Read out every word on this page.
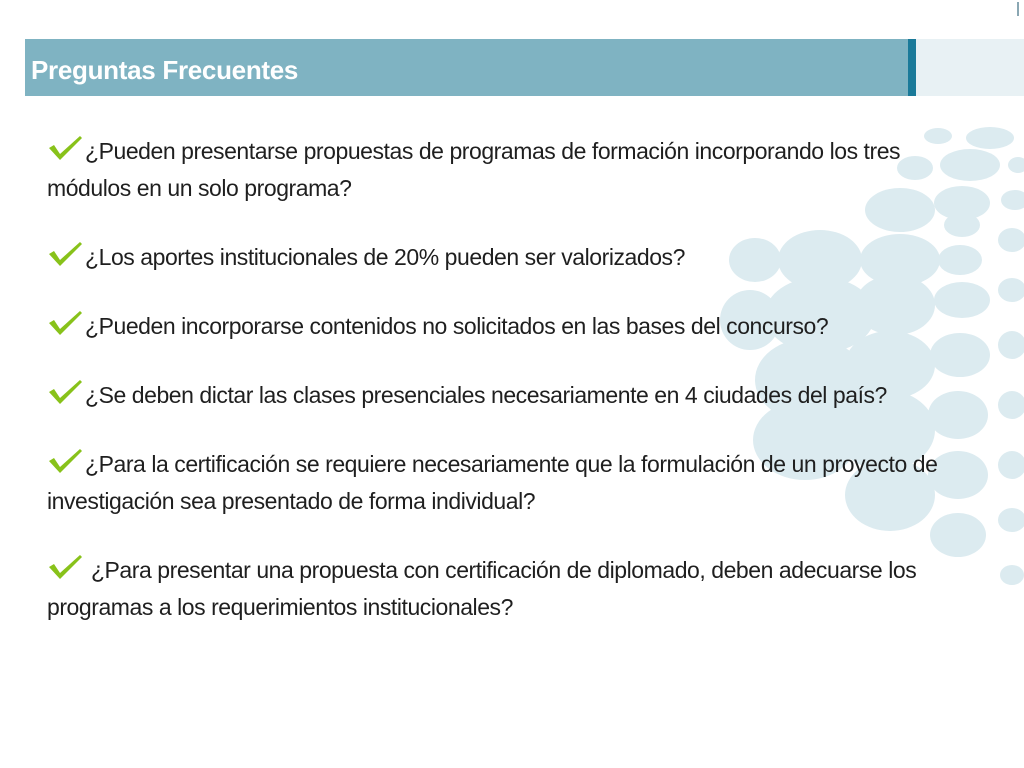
Preguntas Frecuentes
¿Pueden presentarse propuestas de programas de formación incorporando los tres módulos en un solo programa?
¿Los aportes institucionales de 20% pueden ser valorizados?
¿Pueden incorporarse contenidos no solicitados en las bases del concurso?
¿Se deben dictar las clases presenciales necesariamente en 4 ciudades del país?
¿Para la certificación se requiere necesariamente que la formulación de un proyecto de investigación sea presentado de forma individual?
¿Para presentar una propuesta con certificación de diplomado, deben adecuarse los programas a los requerimientos institucionales?
